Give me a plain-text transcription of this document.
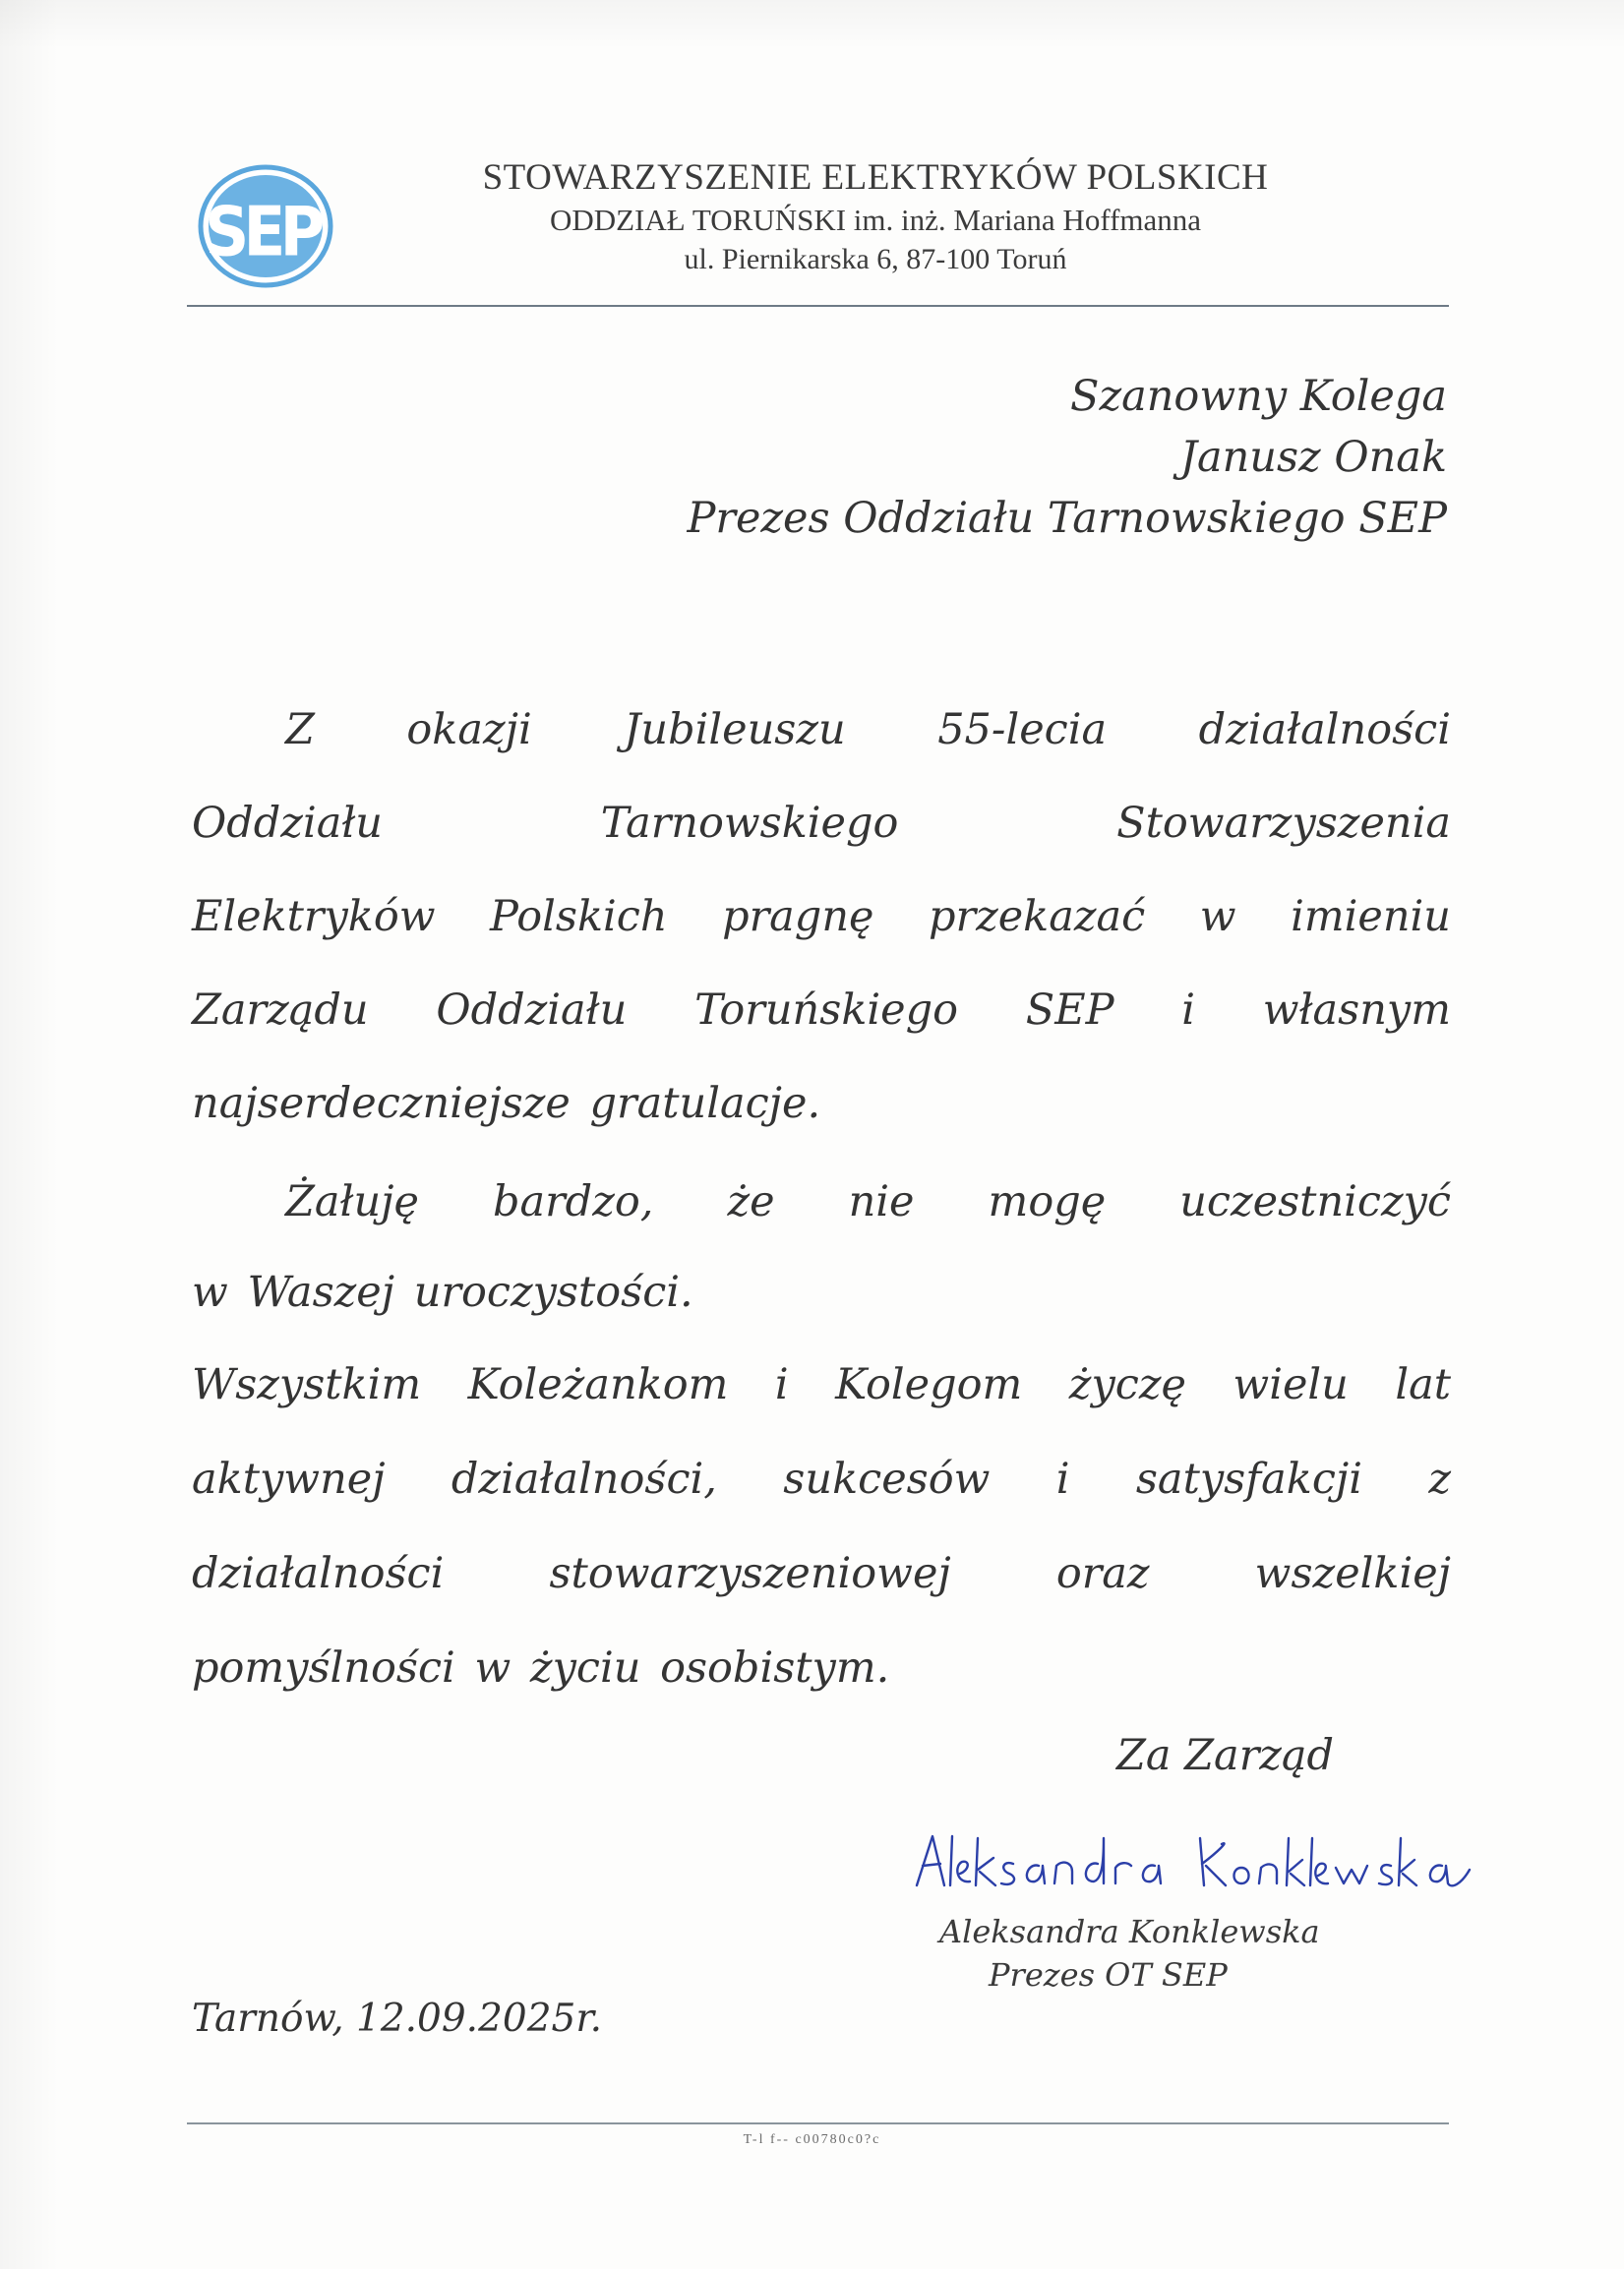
SEP
STOWARZYSZENIE ELEKTRYKÓW POLSKICH
ODDZIAŁ TORUŃSKI im. inż. Mariana Hoffmanna
ul. Piernikarska 6, 87-100 Toruń
Szanowny Kolega
Janusz Onak
Prezes Oddziału Tarnowskiego SEP
Z okazji Jubileuszu 55-lecia działalności
Oddziału Tarnowskiego Stowarzyszenia
Elektryków Polskich pragnę przekazać w imieniu
Zarządu Oddziału Toruńskiego SEP i własnym
najserdeczniejsze gratulacje.
Żałuję bardzo, że nie mogę uczestniczyć
w Waszej uroczystości.
Wszystkim Koleżankom i Kolegom życzę wielu lat
aktywnej działalności, sukcesów i satysfakcji z
działalności stowarzyszeniowej oraz wszelkiej
pomyślności w życiu osobistym.
Za Zarząd
Aleksandra Konklewska
Prezes OT SEP
Tarnów, 12.09.2025r.
T-l f-- c00780c0?c
